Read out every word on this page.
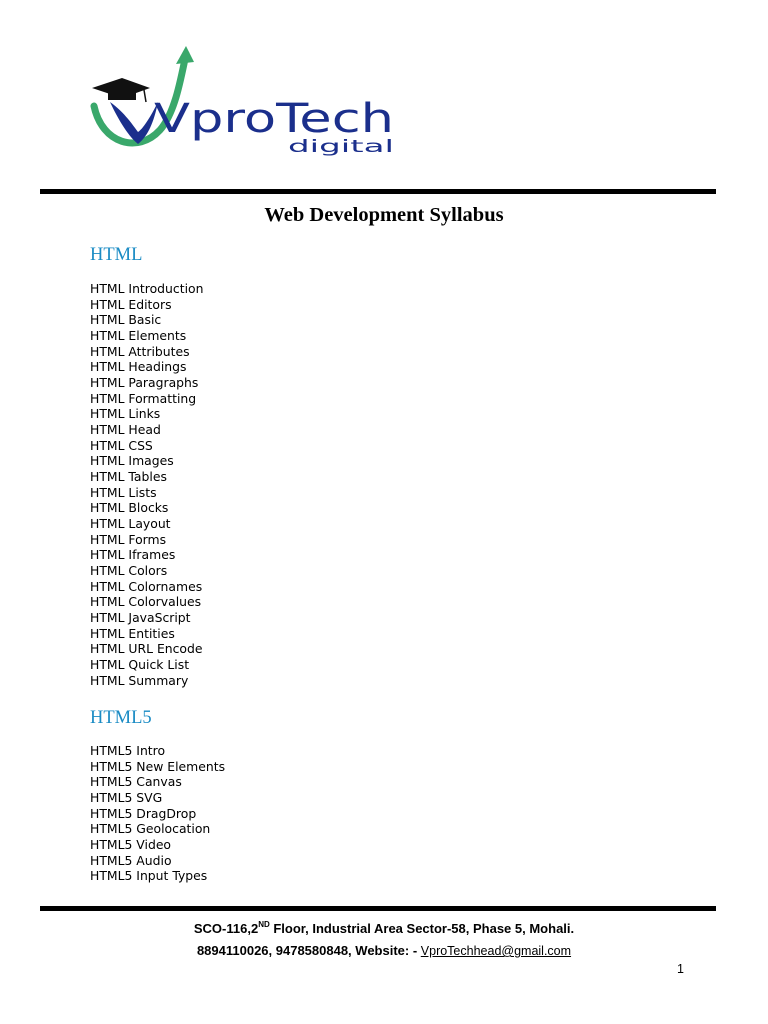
VproTech
digital
Web Development Syllabus
HTML
HTML Introduction
HTML Editors
HTML Basic
HTML Elements
HTML Attributes
HTML Headings
HTML Paragraphs
HTML Formatting
HTML Links
HTML Head
HTML CSS
HTML Images
HTML Tables
HTML Lists
HTML Blocks
HTML Layout
HTML Forms
HTML Iframes
HTML Colors
HTML Colornames
HTML Colorvalues
HTML JavaScript
HTML Entities
HTML URL Encode
HTML Quick List
HTML Summary
HTML5
HTML5 Intro
HTML5 New Elements
HTML5 Canvas
HTML5 SVG
HTML5 DragDrop
HTML5 Geolocation
HTML5 Video
HTML5 Audio
HTML5 Input Types
SCO-116,2ND Floor, Industrial Area Sector-58, Phase 5, Mohali.
8894110026, 9478580848, Website: - VproTechhead@gmail.com
1
